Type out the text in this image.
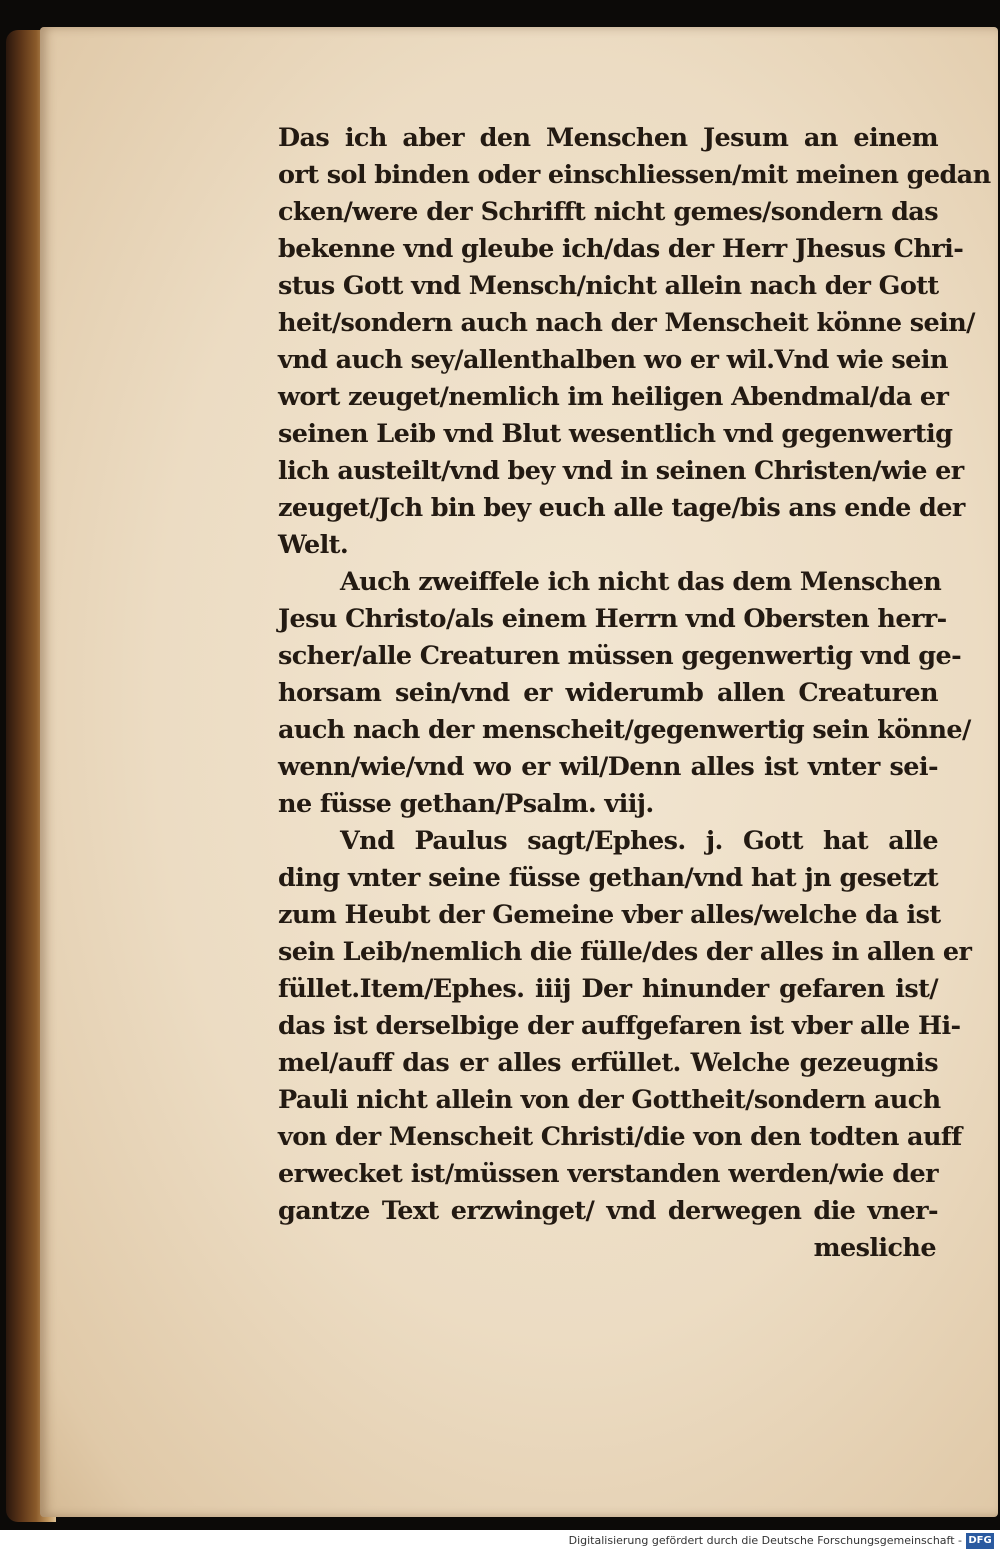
Das ich aber den Menschen Jesum an einem
ort sol binden oder einschliessen/mit meinen gedan
cken/were der Schrifft nicht gemes/sondern das
bekenne vnd gleube ich/das der Herr Jhesus Chri-
stus Gott vnd Mensch/nicht allein nach der Gott
heit/sondern auch nach der Menscheit könne sein/
vnd auch sey/allenthalben wo er wil.Vnd wie sein
wort zeuget/nemlich im heiligen Abendmal/da er
seinen Leib vnd Blut wesentlich vnd gegenwertig
lich austeilt/vnd bey vnd in seinen Christen/wie er
zeuget/Jch bin bey euch alle tage/bis ans ende der
Welt.
Auch zweiffele ich nicht das dem Menschen
Jesu Christo/als einem Herrn vnd Obersten herr-
scher/alle Creaturen müssen gegenwertig vnd ge-
horsam sein/vnd er widerumb allen Creaturen
auch nach der menscheit/gegenwertig sein könne/
wenn/wie/vnd wo er wil/Denn alles ist vnter sei-
ne füsse gethan/Psalm. viij.
Vnd Paulus sagt/Ephes. j. Gott hat alle
ding vnter seine füsse gethan/vnd hat jn gesetzt
zum Heubt der Gemeine vber alles/welche da ist
sein Leib/nemlich die fülle/des der alles in allen er
füllet.Item/Ephes. iiij Der hinunder gefaren ist/
das ist derselbige der auffgefaren ist vber alle Hi-
mel/auff das er alles erfüllet. Welche gezeugnis
Pauli nicht allein von der Gottheit/sondern auch
von der Menscheit Christi/die von den todten auff
erwecket ist/müssen verstanden werden/wie der
gantze Text erzwinget/ vnd derwegen die vner-
mesliche
Digitalisierung gefördert durch die Deutsche Forschungsgemeinschaft - DFG
